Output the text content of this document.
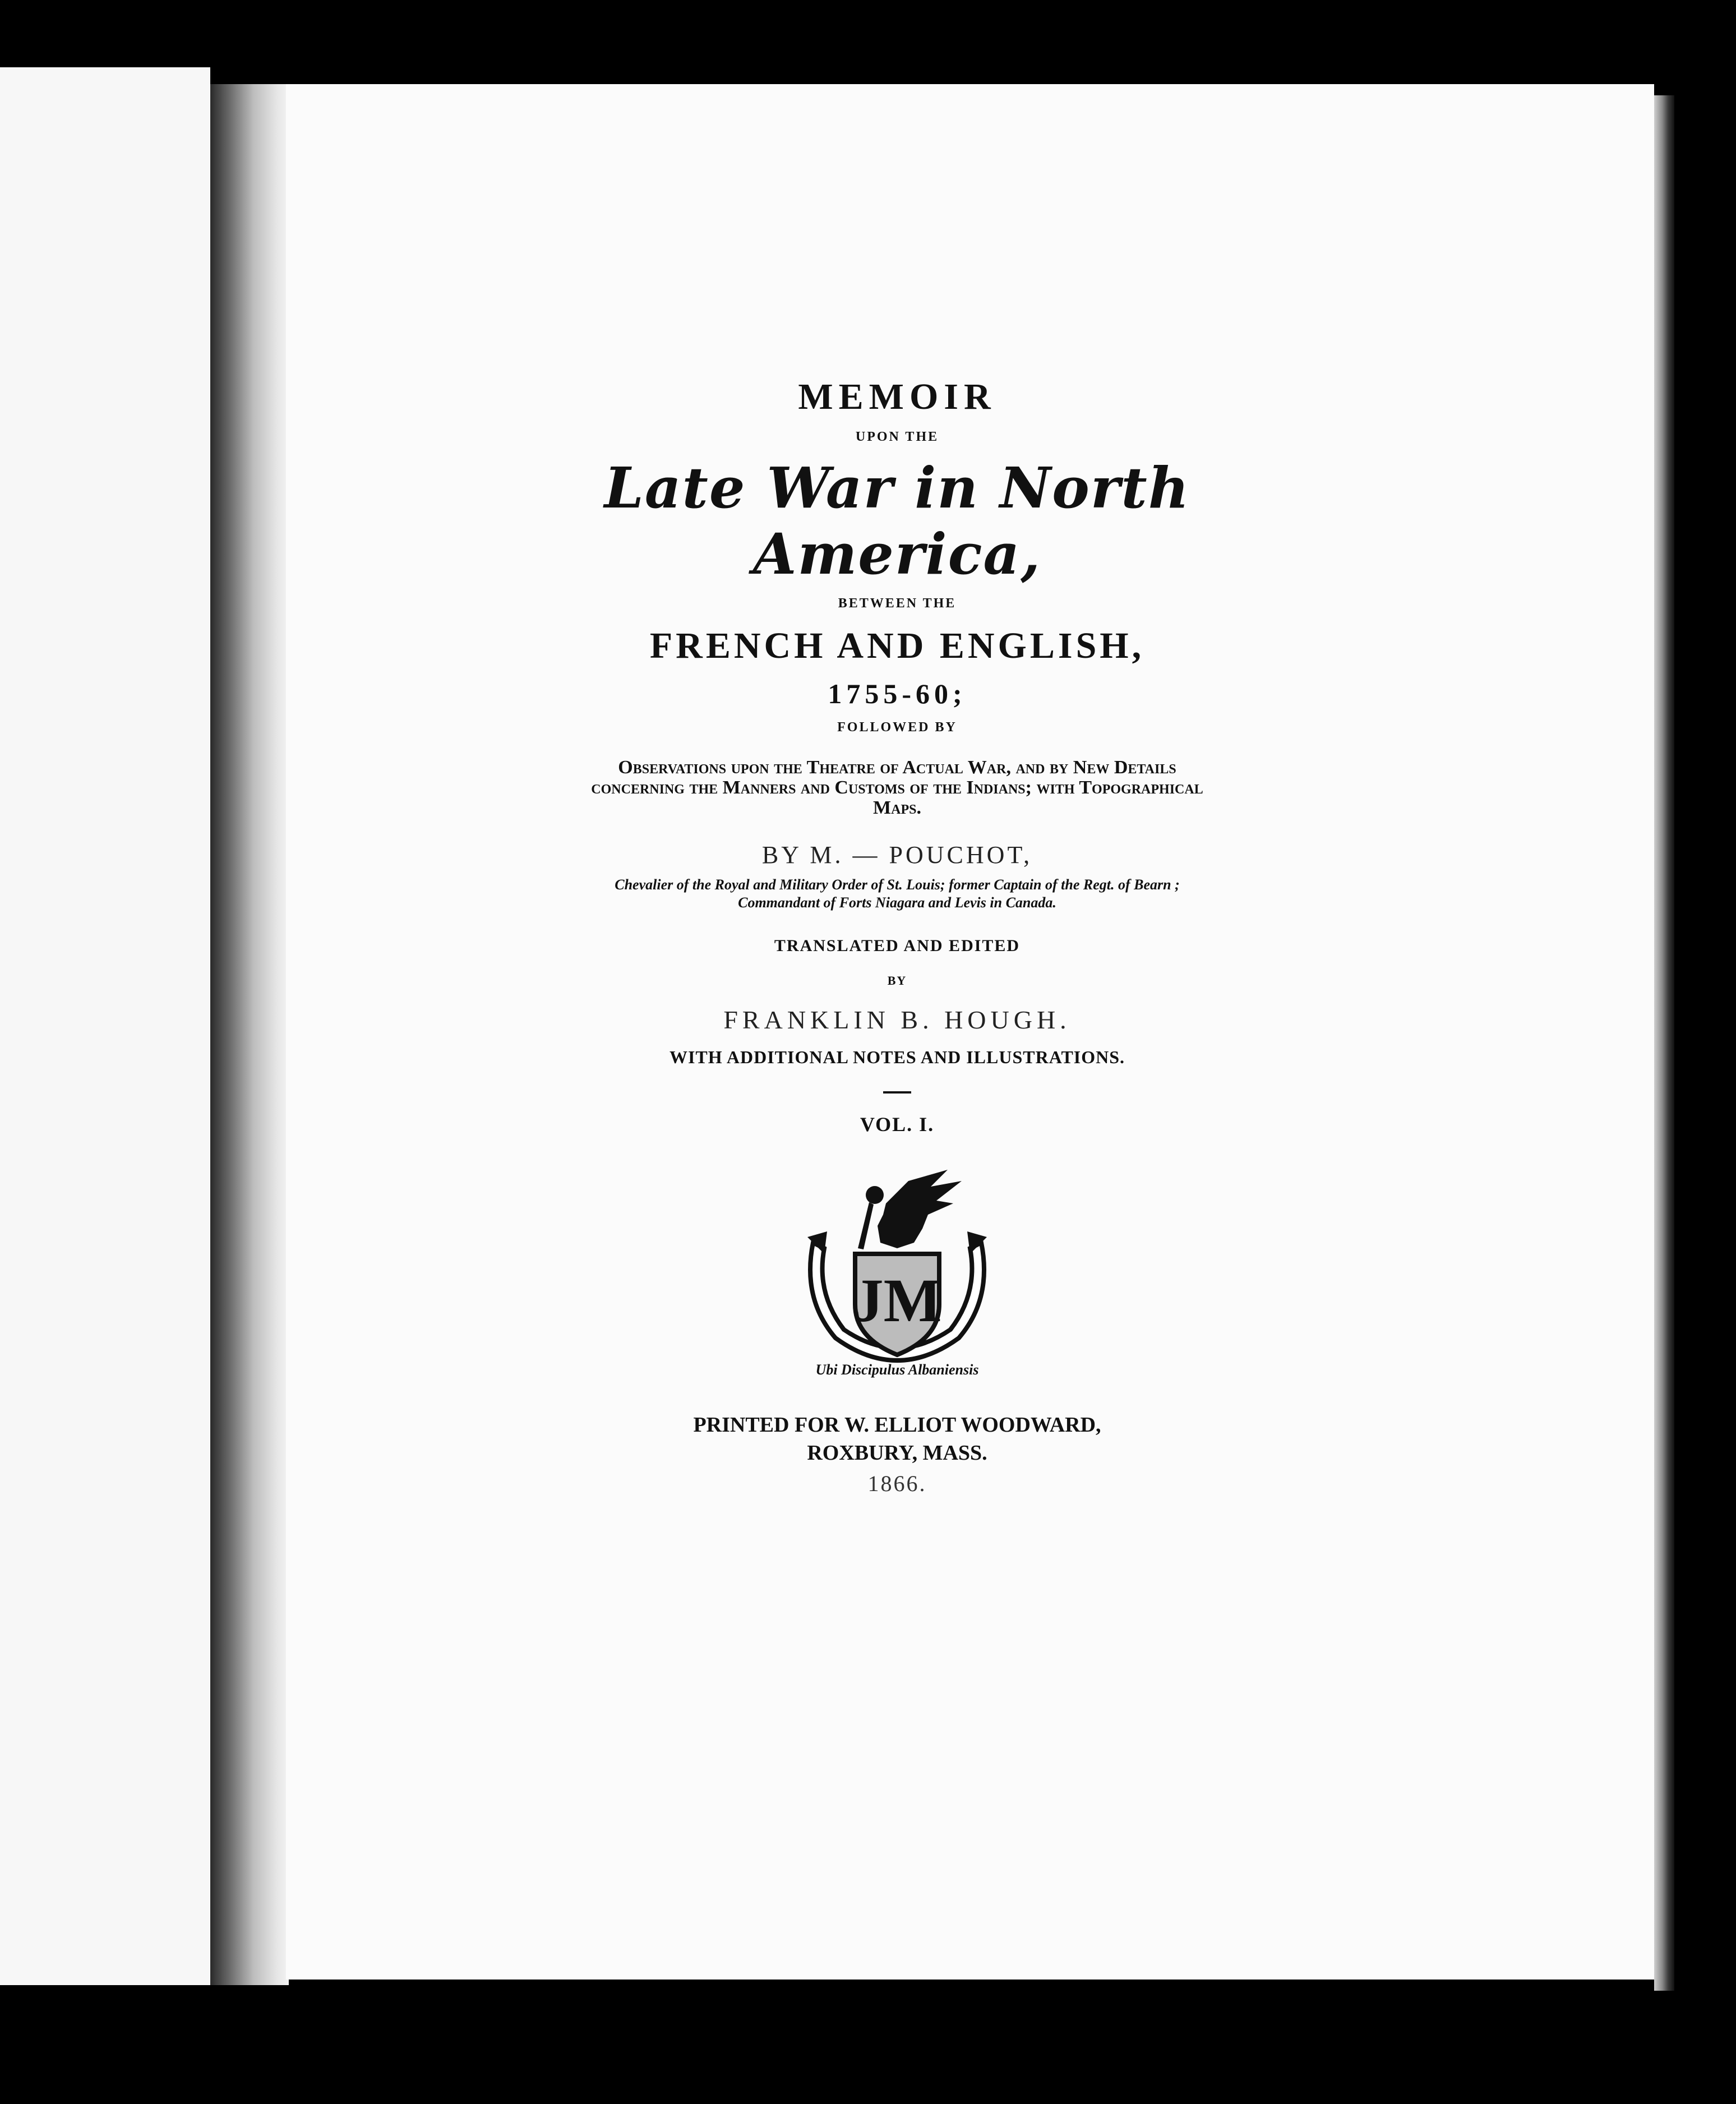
MEMOIR
UPON THE
Late War in North America,
BETWEEN THE
FRENCH AND ENGLISH,
1755-60;
FOLLOWED BY
Observations upon the Theatre of Actual War, and by New Details concerning the Manners and Customs of the Indians; with Topographical Maps.
BY M. — POUCHOT,
Chevalier of the Royal and Military Order of St. Louis; former Captain of the Regt. of Bearn ; Commandant of Forts Niagara and Levis in Canada.
TRANSLATED AND EDITED
BY
FRANKLIN B. HOUGH.
WITH ADDITIONAL NOTES AND ILLUSTRATIONS.
VOL. I.
JM
Ubi Discipulus Albaniensis
PRINTED FOR W. ELLIOT WOODWARD,
ROXBURY, MASS.
1866.
